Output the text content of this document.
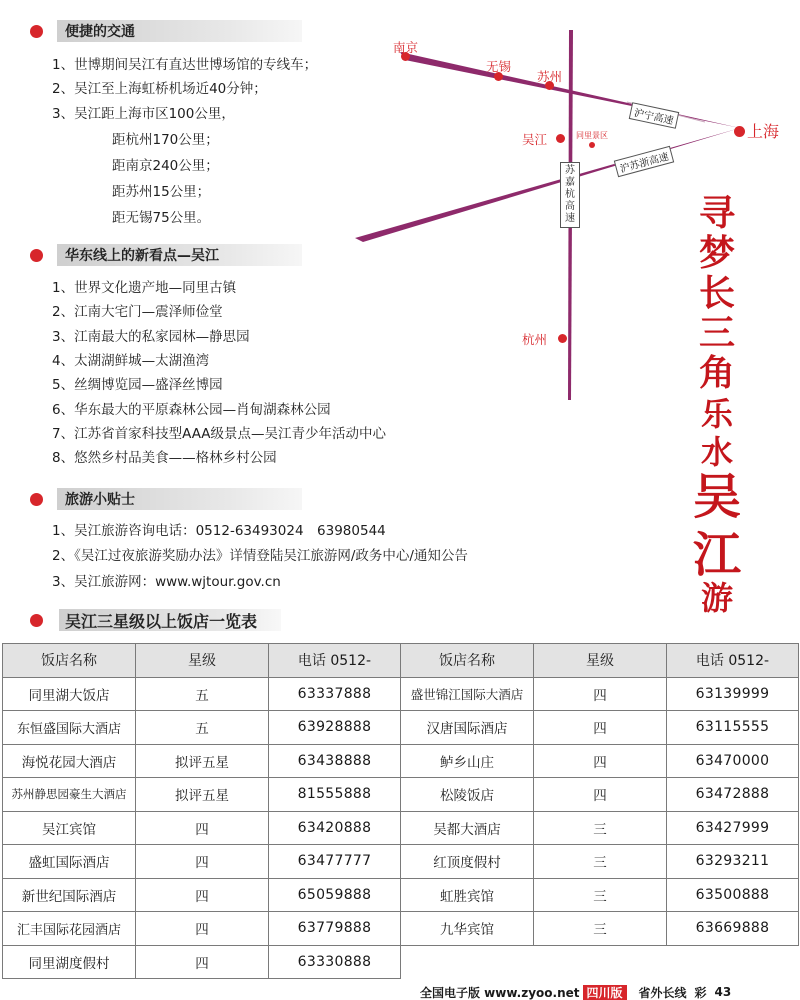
便捷的交通
1、世博期间吴江有直达世博场馆的专线车；
2、吴江至上海虹桥机场近40分钟；
3、吴江距上海市区100公里，
距杭州170公里；
距南京240公里；
距苏州15公里；
距无锡75公里。
华东线上的新看点—吴江
1、世界文化遗产地—同里古镇
2、江南大宅门—震泽师俭堂
3、江南最大的私家园林—静思园
4、太湖湖鲜城—太湖渔湾
5、丝绸博览园—盛泽丝博园
6、华东最大的平原森林公园—肖甸湖森林公园
7、江苏省首家科技型AAA级景点—吴江青少年活动中心
8、悠然乡村品美食——格林乡村公园
旅游小贴士
1、吴江旅游咨询电话：0512-63493024　63980544
2、《吴江过夜旅游奖励办法》详情登陆吴江旅游网/政务中心/通知公告
3、吴江旅游网：www.wjtour.gov.cn
沪宁高速
沪苏浙高速
苏嘉杭高速
南京
无锡
苏州
上海
吴江	同里景区
杭州
寻
梦
长
三
角
乐
水
吴
江
游
吴江三星级以上饭店一览表
饭店名称	星级	电话 0512-	饭店名称	星级	电话 0512-
同里湖大饭店	五	63337888	盛世锦江国际大酒店	四	63139999
东恒盛国际大酒店	五	63928888	汉唐国际酒店	四	63115555
海悦花园大酒店	拟评五星	63438888	鲈乡山庄	四	63470000
苏州静思园豪生大酒店	拟评五星	81555888	松陵饭店	四	63472888
吴江宾馆	四	63420888	吴都大酒店	三	63427999
盛虹国际酒店	四	63477777	红顶度假村	三	63293211
新世纪国际酒店	四	65059888	虹胜宾馆	三	63500888
汇丰国际花园酒店	四	63779888	九华宾馆	三	63669888
同里湖度假村	四	63330888			
全国电子版 www.zyoo.net 四川版	省外长线 彩 43
